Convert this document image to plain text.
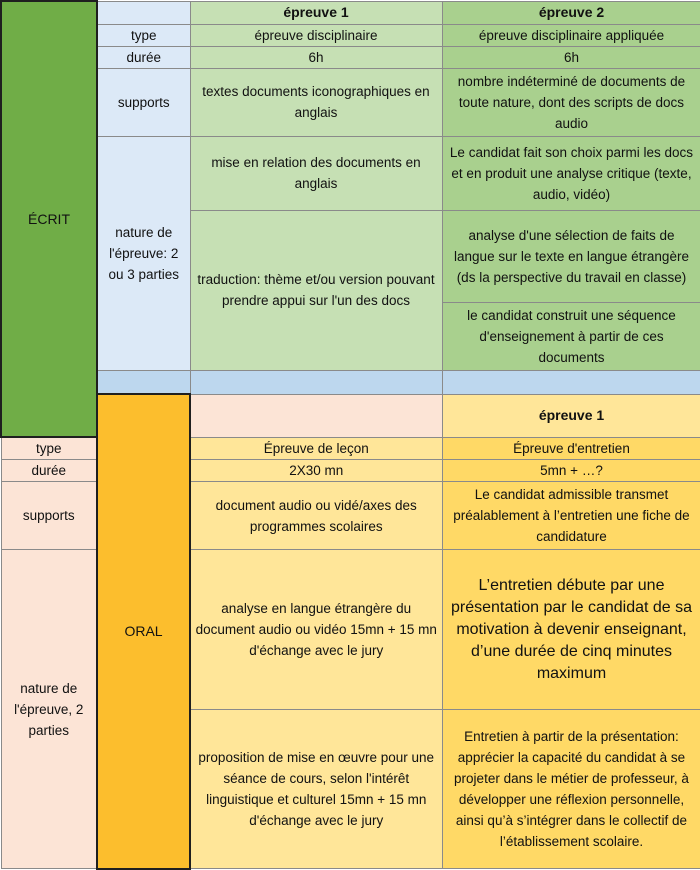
ÉCRIT		épreuve 1	épreuve 2	
	type	épreuve disciplinaire	épreuve disciplinaire appliquée	
	durée	6h	6h	
	supports	textes documents iconographiques en anglais	nombre indéterminé de documents de toute nature, dont des scripts de docs audio	
	nature de l'épreuve: 2 ou 3 parties	mise en relation des documents en anglais	Le candidat fait son choix parmi les docs et en produit une analyse critique (texte, audio, vidéo)	
		traduction: thème et/ou version pouvant prendre appui sur l'un des docs	analyse d'une sélection de faits de langue sur le texte en langue étrangère (ds la perspective du travail en classe)	
			le candidat construit une séquence d'enseignement à partir de ces documents	

	ORAL		épreuve 1	
type		Épreuve de leçon	Épreuve d'entretien	
durée		2X30 mn	5mn + …?	
supports		document audio ou vidé/axes des programmes scolaires	Le candidat admissible transmet préalablement à l’entretien une fiche de candidature	
nature de l'épreuve, 2 parties		analyse en langue étrangère du document audio ou vidéo 15mn + 15 mn d'échange avec le jury	L’entretien débute par une présentation par le candidat de sa motivation à devenir enseignant, d’une durée de cinq minutes maximum	
		proposition de mise en œuvre pour une séance de cours, selon l'intérêt linguistique et culturel 15mn + 15 mn d'échange avec le jury	Entretien à partir de la présentation: apprécier la capacité du candidat à se projeter dans le métier de professeur, à développer une réflexion personnelle, ainsi qu’à s’intégrer dans le collectif de l’établissement scolaire.	
